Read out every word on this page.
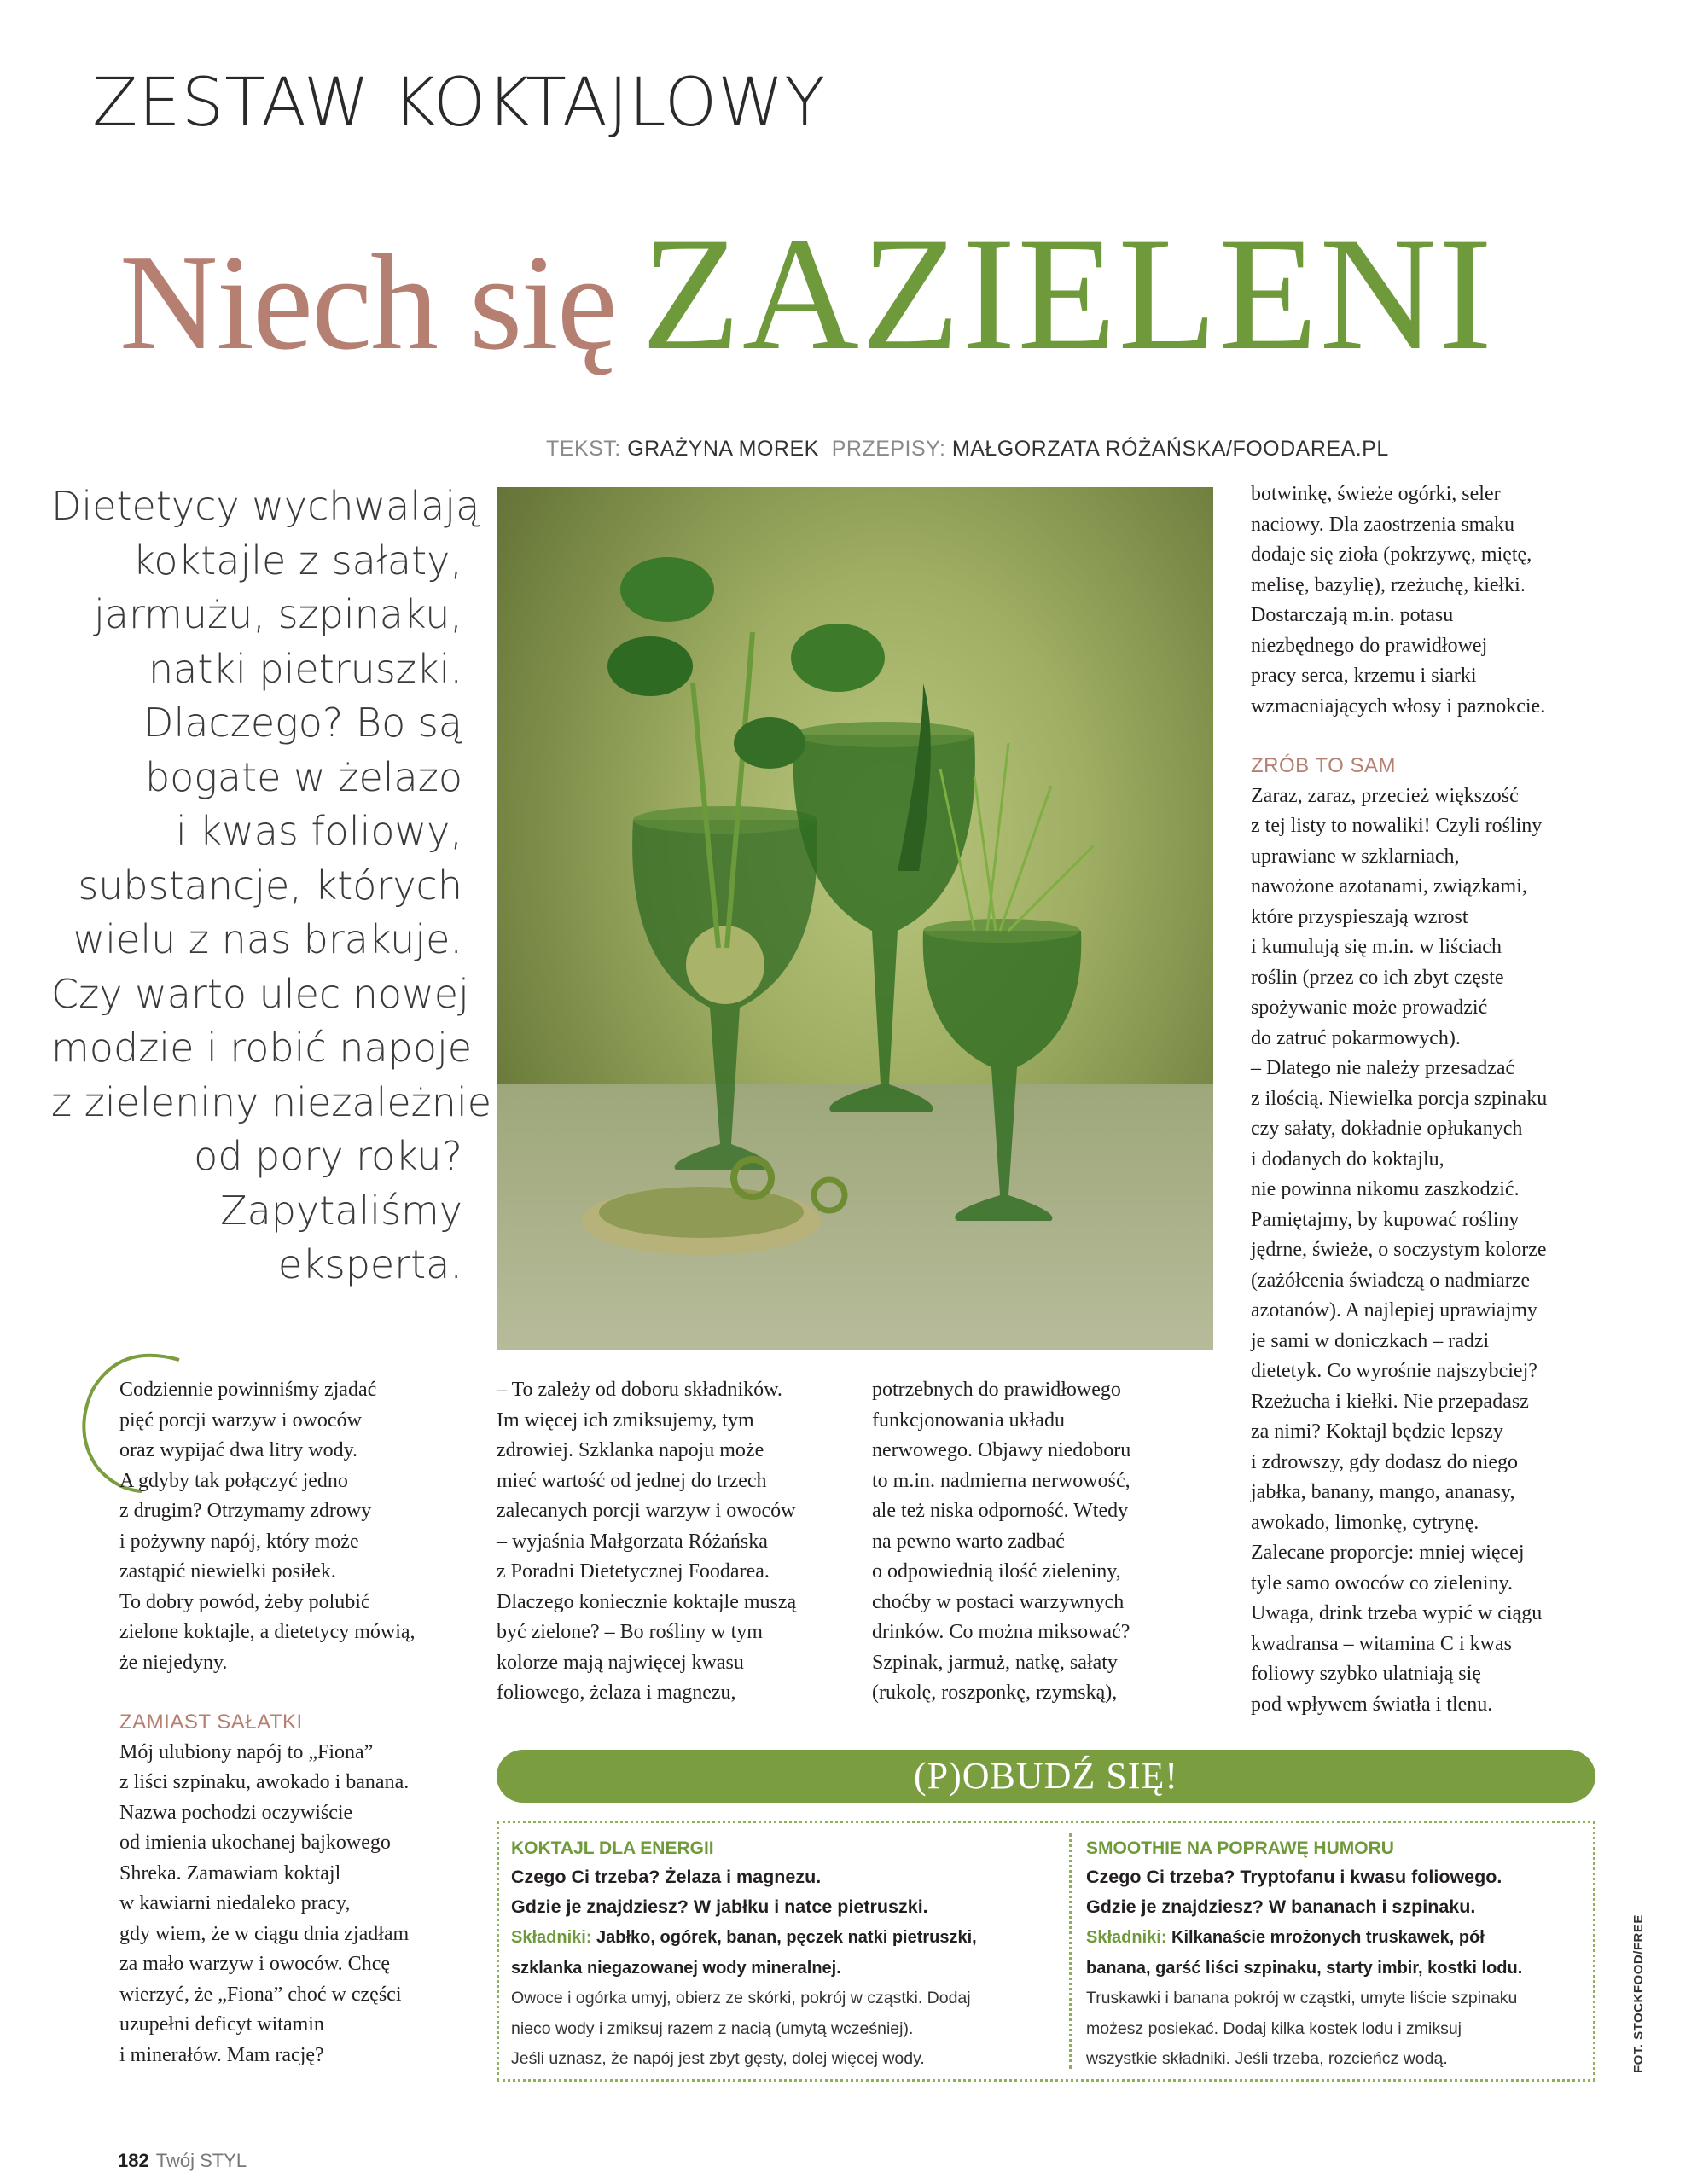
ZESTAW KOKTAJLOWY
Niech się ZAZIELENI
TEKST: GRAŻYNA MOREK PRZEPISY: MAŁGORZATA RÓŻAŃSKA/FOODAREA.PL
Dietetycy wychwalają
koktajle z sałaty,
jarmużu, szpinaku,
natki pietruszki.
Dlaczego? Bo są
bogate w żelazo
i kwas foliowy,
substancje, których
wielu z nas brakuje.
Czy warto ulec nowej
modzie i robić napoje
z zieleniny niezależnie
od pory roku?
Zapytaliśmy
eksperta.
Codziennie powinniśmy zjadać
pięć porcji warzyw i owoców
oraz wypijać dwa litry wody.
A gdyby tak połączyć jedno
z drugim? Otrzymamy zdrowy
i pożywny napój, który może
zastąpić niewielki posiłek.
To dobry powód, żeby polubić
zielone koktajle, a dietetycy mówią,
że niejedyny.
ZAMIAST SAŁATKI
Mój ulubiony napój to „Fiona”
z liści szpinaku, awokado i banana.
Nazwa pochodzi oczywiście
od imienia ukochanej bajkowego
Shreka. Zamawiam koktajl
w kawiarni niedaleko pracy,
gdy wiem, że w ciągu dnia zjadłam
za mało warzyw i owoców. Chcę
wierzyć, że „Fiona” choć w części
uzupełni deficyt witamin
i minerałów. Mam rację?
– To zależy od doboru składników.
Im więcej ich zmiksujemy, tym
zdrowiej. Szklanka napoju może
mieć wartość od jednej do trzech
zalecanych porcji warzyw i owoców
– wyjaśnia Małgorzata Różańska
z Poradni Dietetycznej Foodarea.
Dlaczego koniecznie koktajle muszą
być zielone? – Bo rośliny w tym
kolorze mają najwięcej kwasu
foliowego, żelaza i magnezu,
potrzebnych do prawidłowego
funkcjonowania układu
nerwowego. Objawy niedoboru
to m.in. nadmierna nerwowość,
ale też niska odporność. Wtedy
na pewno warto zadbać
o odpowiednią ilość zieleniny,
choćby w postaci warzywnych
drinków. Co można miksować?
Szpinak, jarmuż, natkę, sałaty
(rukolę, roszponkę, rzymską),
botwinkę, świeże ogórki, seler
naciowy. Dla zaostrzenia smaku
dodaje się zioła (pokrzywę, miętę,
melisę, bazylię), rzeżuchę, kiełki.
Dostarczają m.in. potasu
niezbędnego do prawidłowej
pracy serca, krzemu i siarki
wzmacniających włosy i paznokcie.
ZRÓB TO SAM
Zaraz, zaraz, przecież większość
z tej listy to nowaliki! Czyli rośliny
uprawiane w szklarniach,
nawożone azotanami, związkami,
które przyspieszają wzrost
i kumulują się m.in. w liściach
roślin (przez co ich zbyt częste
spożywanie może prowadzić
do zatruć pokarmowych).
– Dlatego nie należy przesadzać
z ilością. Niewielka porcja szpinaku
czy sałaty, dokładnie opłukanych
i dodanych do koktajlu,
nie powinna nikomu zaszkodzić.
Pamiętajmy, by kupować rośliny
jędrne, świeże, o soczystym kolorze
(zażółcenia świadczą o nadmiarze
azotanów). A najlepiej uprawiajmy
je sami w doniczkach – radzi
dietetyk. Co wyrośnie najszybciej?
Rzeżucha i kiełki. Nie przepadasz
za nimi? Koktajl będzie lepszy
i zdrowszy, gdy dodasz do niego
jabłka, banany, mango, ananasy,
awokado, limonkę, cytrynę.
Zalecane proporcje: mniej więcej
tyle samo owoców co zieleniny.
Uwaga, drink trzeba wypić w ciągu
kwadransa – witamina C i kwas
foliowy szybko ulatniają się
pod wpływem światła i tlenu.
(P)OBUDŹ SIĘ!
KOKTAJL DLA ENERGII
Czego Ci trzeba? Żelaza i magnezu.
Gdzie je znajdziesz? W jabłku i natce pietruszki.
Składniki: Jabłko, ogórek, banan, pęczek natki pietruszki,
szklanka niegazowanej wody mineralnej.
Owoce i ogórka umyj, obierz ze skórki, pokrój w cząstki. Dodaj
nieco wody i zmiksuj razem z nacią (umytą wcześniej).
Jeśli uznasz, że napój jest zbyt gęsty, dolej więcej wody.
SMOOTHIE NA POPRAWĘ HUMORU
Czego Ci trzeba? Tryptofanu i kwasu foliowego.
Gdzie je znajdziesz? W bananach i szpinaku.
Składniki: Kilkanaście mrożonych truskawek, pół
banana, garść liści szpinaku, starty imbir, kostki lodu.
Truskawki i banana pokrój w cząstki, umyte liście szpinaku
możesz posiekać. Dodaj kilka kostek lodu i zmiksuj
wszystkie składniki. Jeśli trzeba, rozcieńcz wodą.	FOT. STOCKFOOD/FREE
182 Twój STYL
